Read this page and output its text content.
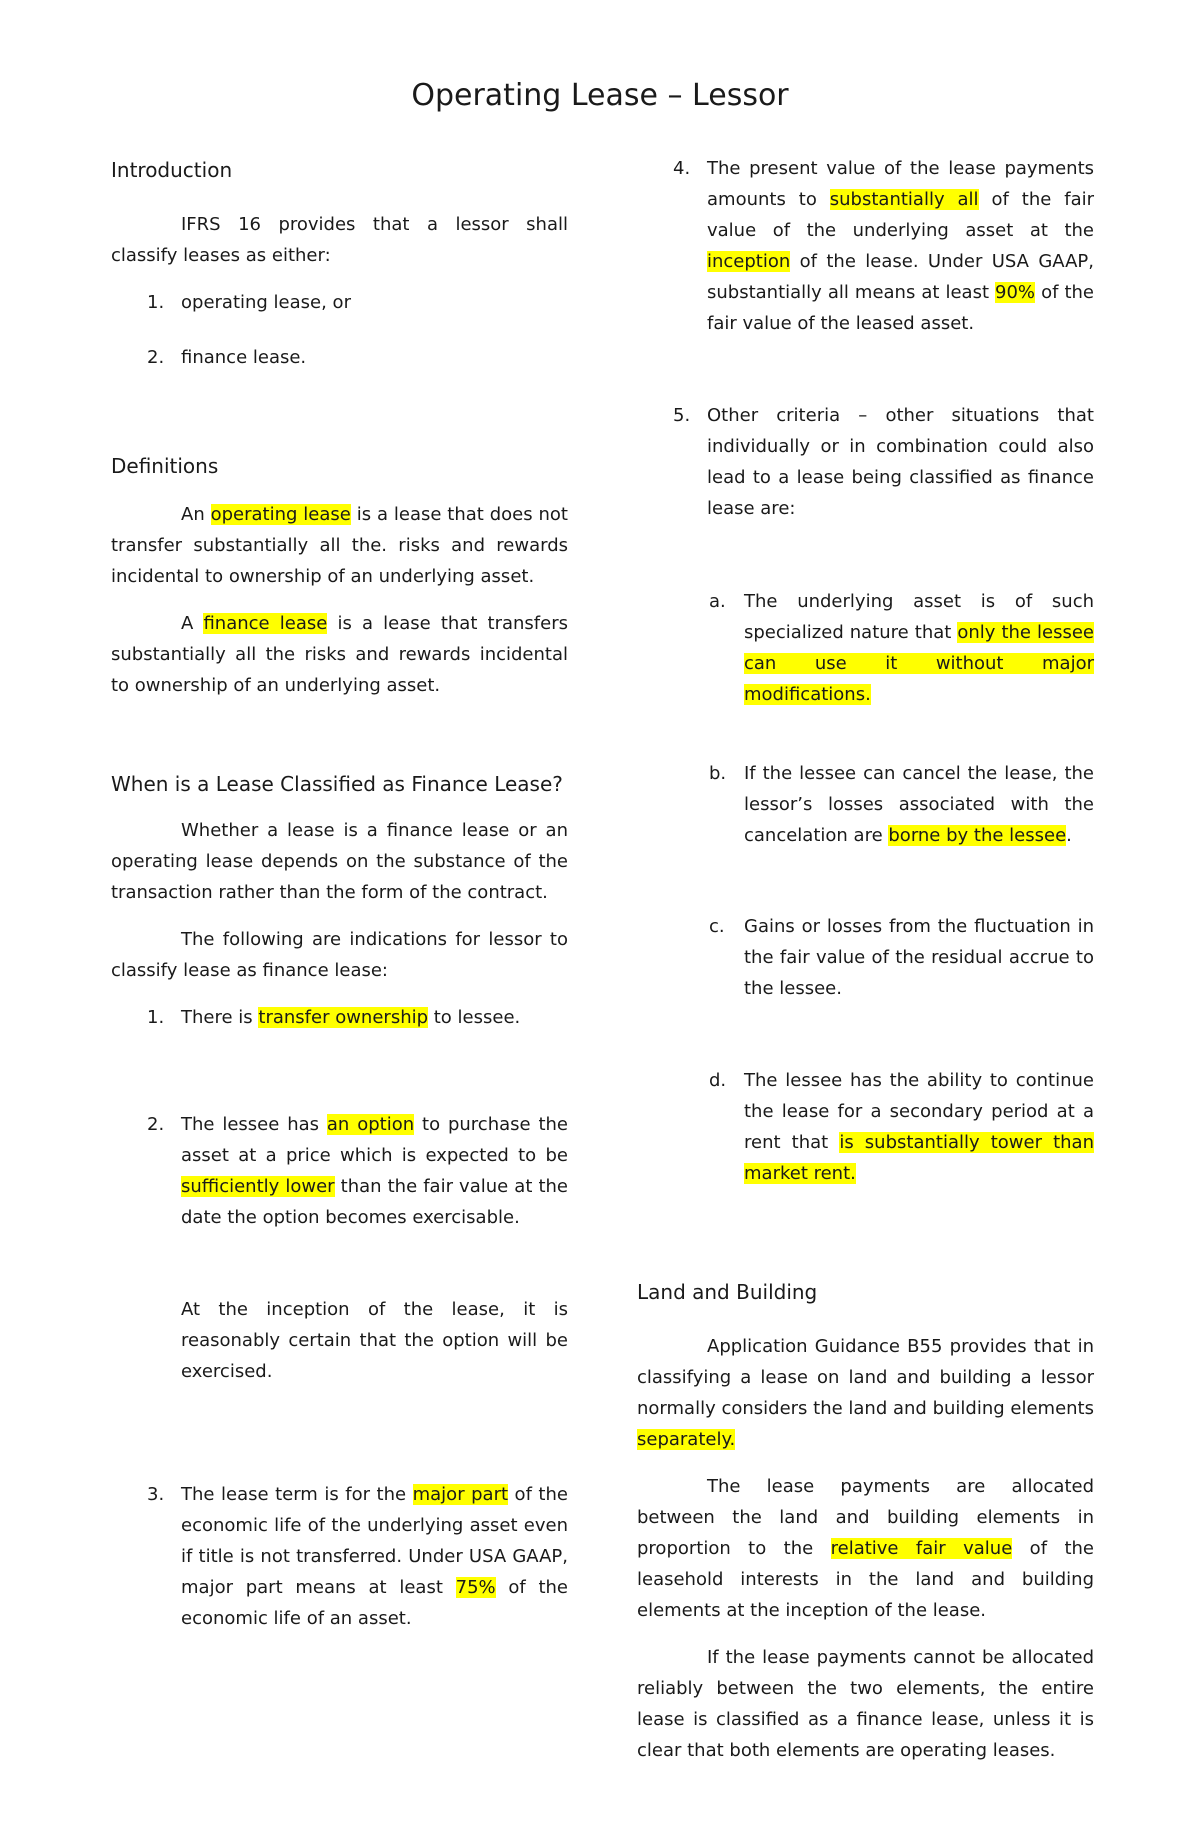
Operating Lease – Lessor
Introduction

IFRS 16 provides that a lessor shall classify leases as either:

1. operating lease, or
2. finance lease.
Definitions

An operating lease is a lease that does not transfer substantially all the. risks and rewards incidental to ownership of an underlying asset.

A finance lease is a lease that transfers substantially all the risks and rewards incidental to ownership of an underlying asset.

When is a Lease Classified as Finance Lease?

Whether a lease is a finance lease or an operating lease depends on the substance of the transaction rather than the form of the contract.

The following are indications for lessor to classify lease as finance lease:

1. There is transfer ownership to lessee.
2. The lessee has an option to purchase the asset at a price which is expected to be sufficiently lower than the fair value at the date the option becomes exercisable.

At the inception of the lease, it is reasonably certain that the option will be exercised.

3. The lease term is for the major part of the economic life of the underlying asset even if title is not transferred. Under USA GAAP, major part means at least 75% of the economic life of an asset.
4. The present value of the lease payments amounts to substantially all of the fair value of the underlying asset at the inception of the lease. Under USA GAAP, substantially all means at least 90% of the fair value of the leased asset.
5. Other criteria – other situations that individually or in combination could also lead to a lease being classified as finance lease are:
a. The underlying asset is of such specialized nature that only the lessee can use it without major modifications.
b. If the lessee can cancel the lease, the lessor’s losses associated with the cancelation are borne by the lessee.
c. Gains or losses from the fluctuation in the fair value of the residual accrue to the lessee.
d. The lessee has the ability to continue the lease for a secondary period at a rent that is substantially tower than market rent.
Land and Building

Application Guidance B55 provides that in classifying a lease on land and building a lessor normally considers the land and building elements separately.

The lease payments are allocated between the land and building elements in proportion to the relative fair value of the leasehold interests in the land and building elements at the inception of the lease.

If the lease payments cannot be allocated reliably between the two elements, the entire lease is classified as a finance lease, unless it is clear that both elements are operating leases.
